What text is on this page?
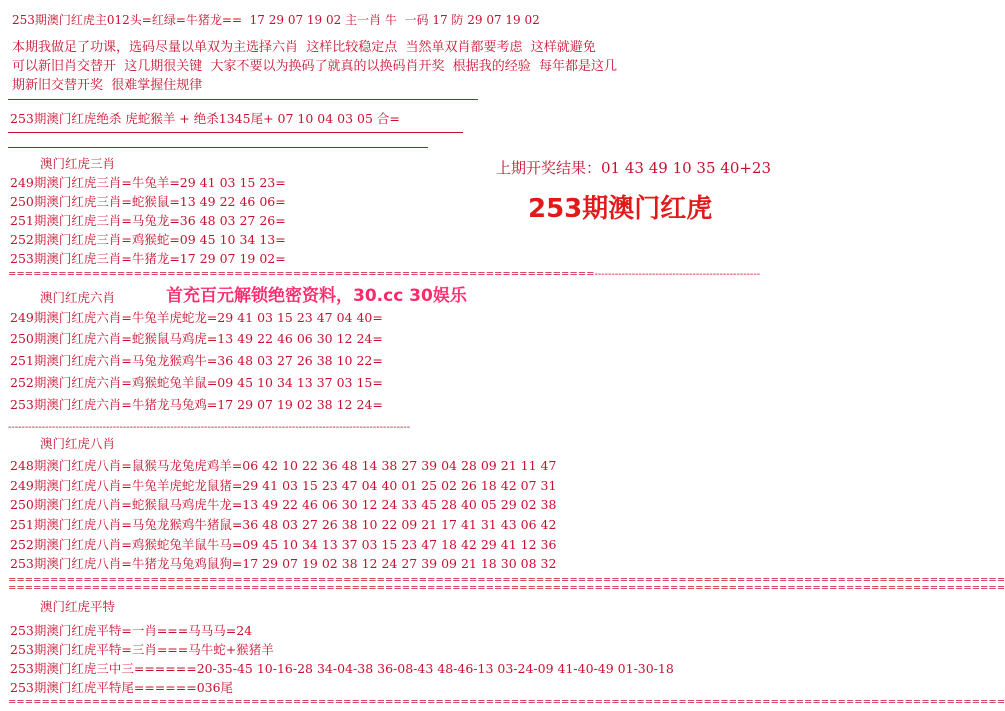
253期澳门红虎主012头=红绿=牛猪龙==  17 29 07 19 02 主一肖 牛  一码 17 防 29 07 19 02
本期我做足了功课，选码尽量以单双为主选择六肖  这样比较稳定点  当然单双肖都要考虑  这样就避免
可以新旧肖交替开  这几期很关键  大家不要以为换码了就真的以换码肖开奖  根据我的经验  每年都是这几
期新旧交替开奖  很难掌握住规律
253期澳门红虎绝杀 虎蛇猴羊 + 绝杀1345尾+ 07 10 04 03 05 合=
澳门红虎三肖
249期澳门红虎三肖=牛兔羊=29 41 03 15 23=
250期澳门红虎三肖=蛇猴鼠=13 49 22 46 06=
251期澳门红虎三肖=马兔龙=36 48 03 27 26=
252期澳门红虎三肖=鸡猴蛇=09 45 10 34 13=
253期澳门红虎三肖=牛猪龙=17 29 07 19 02=
======================================================================-------------------------------------------------
上期开奖结果：01 43 49 10 35 40+23
253期澳门红虎
澳门红虎六肖	首充百元解锁绝密资料，30.cc 30娱乐
249期澳门红虎六肖=牛兔羊虎蛇龙=29 41 03 15 23 47 04 40=
250期澳门红虎六肖=蛇猴鼠马鸡虎=13 49 22 46 06 30 12 24=
251期澳门红虎六肖=马兔龙猴鸡牛=36 48 03 27 26 38 10 22=
252期澳门红虎六肖=鸡猴蛇兔羊鼠=09 45 10 34 13 37 03 15=
253期澳门红虎六肖=牛猪龙马兔鸡=17 29 07 19 02 38 12 24=
-----------------------------------------------------------------------------------------------------------------------
澳门红虎八肖
248期澳门红虎八肖=鼠猴马龙兔虎鸡羊=06 42 10 22 36 48 14 38 27 39 04 28 09 21 11 47
249期澳门红虎八肖=牛兔羊虎蛇龙鼠猪=29 41 03 15 23 47 04 40 01 25 02 26 18 42 07 31
250期澳门红虎八肖=蛇猴鼠马鸡虎牛龙=13 49 22 46 06 30 12 24 33 45 28 40 05 29 02 38
251期澳门红虎八肖=马兔龙猴鸡牛猪鼠=36 48 03 27 26 38 10 22 09 21 17 41 31 43 06 42
252期澳门红虎八肖=鸡猴蛇兔羊鼠牛马=09 45 10 34 13 37 03 15 23 47 18 42 29 41 12 36
253期澳门红虎八肖=牛猪龙马兔鸡鼠狗=17 29 07 19 02 38 12 24 27 39 09 21 18 30 08 32
=======================================================================================================================
=======================================================================================================================
澳门红虎平特
253期澳门红虎平特=一肖===马马马=24
253期澳门红虎平特=三肖===马牛蛇+猴猪羊
253期澳门红虎三中三======20-35-45 10-16-28 34-04-38 36-08-43 48-46-13 03-24-09 41-40-49 01-30-18
253期澳门红虎平特尾======036尾
=======================================================================================================================
